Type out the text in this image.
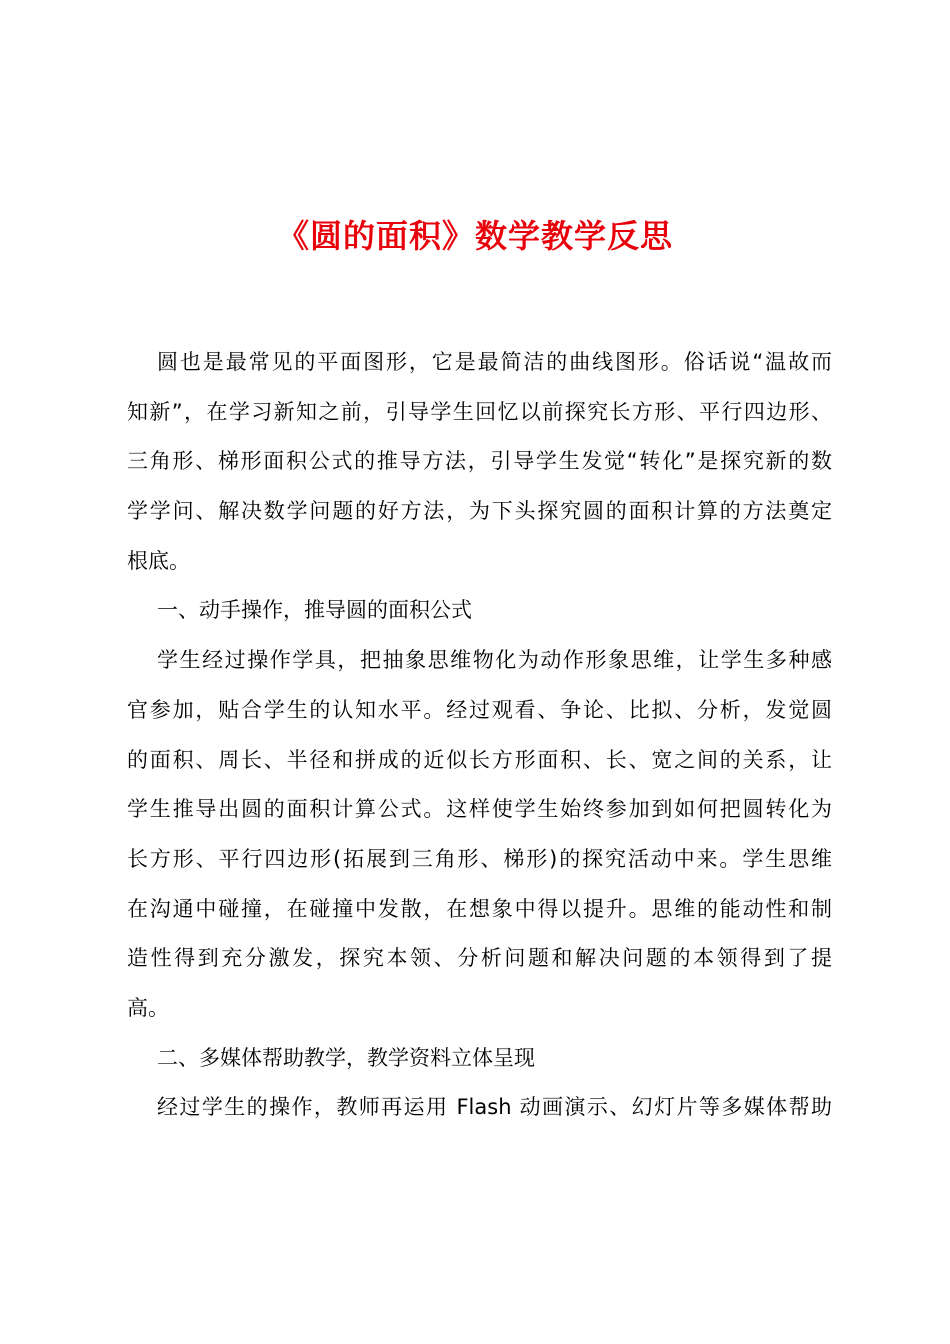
《圆的面积》数学教学反思
圆也是最常见的平面图形，它是最简洁的曲线图形。俗话说“温故而
知新”，在学习新知之前，引导学生回忆以前探究长方形、平行四边形、
三角形、梯形面积公式的推导方法，引导学生发觉“转化”是探究新的数
学学问、解决数学问题的好方法，为下头探究圆的面积计算的方法奠定
根底。
一、动手操作，推导圆的面积公式
学生经过操作学具，把抽象思维物化为动作形象思维，让学生多种感
官参加，贴合学生的认知水平。经过观看、争论、比拟、分析，发觉圆
的面积、周长、半径和拼成的近似长方形面积、长、宽之间的关系，让
学生推导出圆的面积计算公式。这样使学生始终参加到如何把圆转化为
长方形、平行四边形(拓展到三角形、梯形)的探究活动中来。学生思维
在沟通中碰撞，在碰撞中发散，在想象中得以提升。思维的能动性和制
造性得到充分激发，探究本领、分析问题和解决问题的本领得到了提
高。
二、多媒体帮助教学，教学资料立体呈现
经过学生的操作，教师再运用 Flash 动画演示、幻灯片等多媒体帮助
